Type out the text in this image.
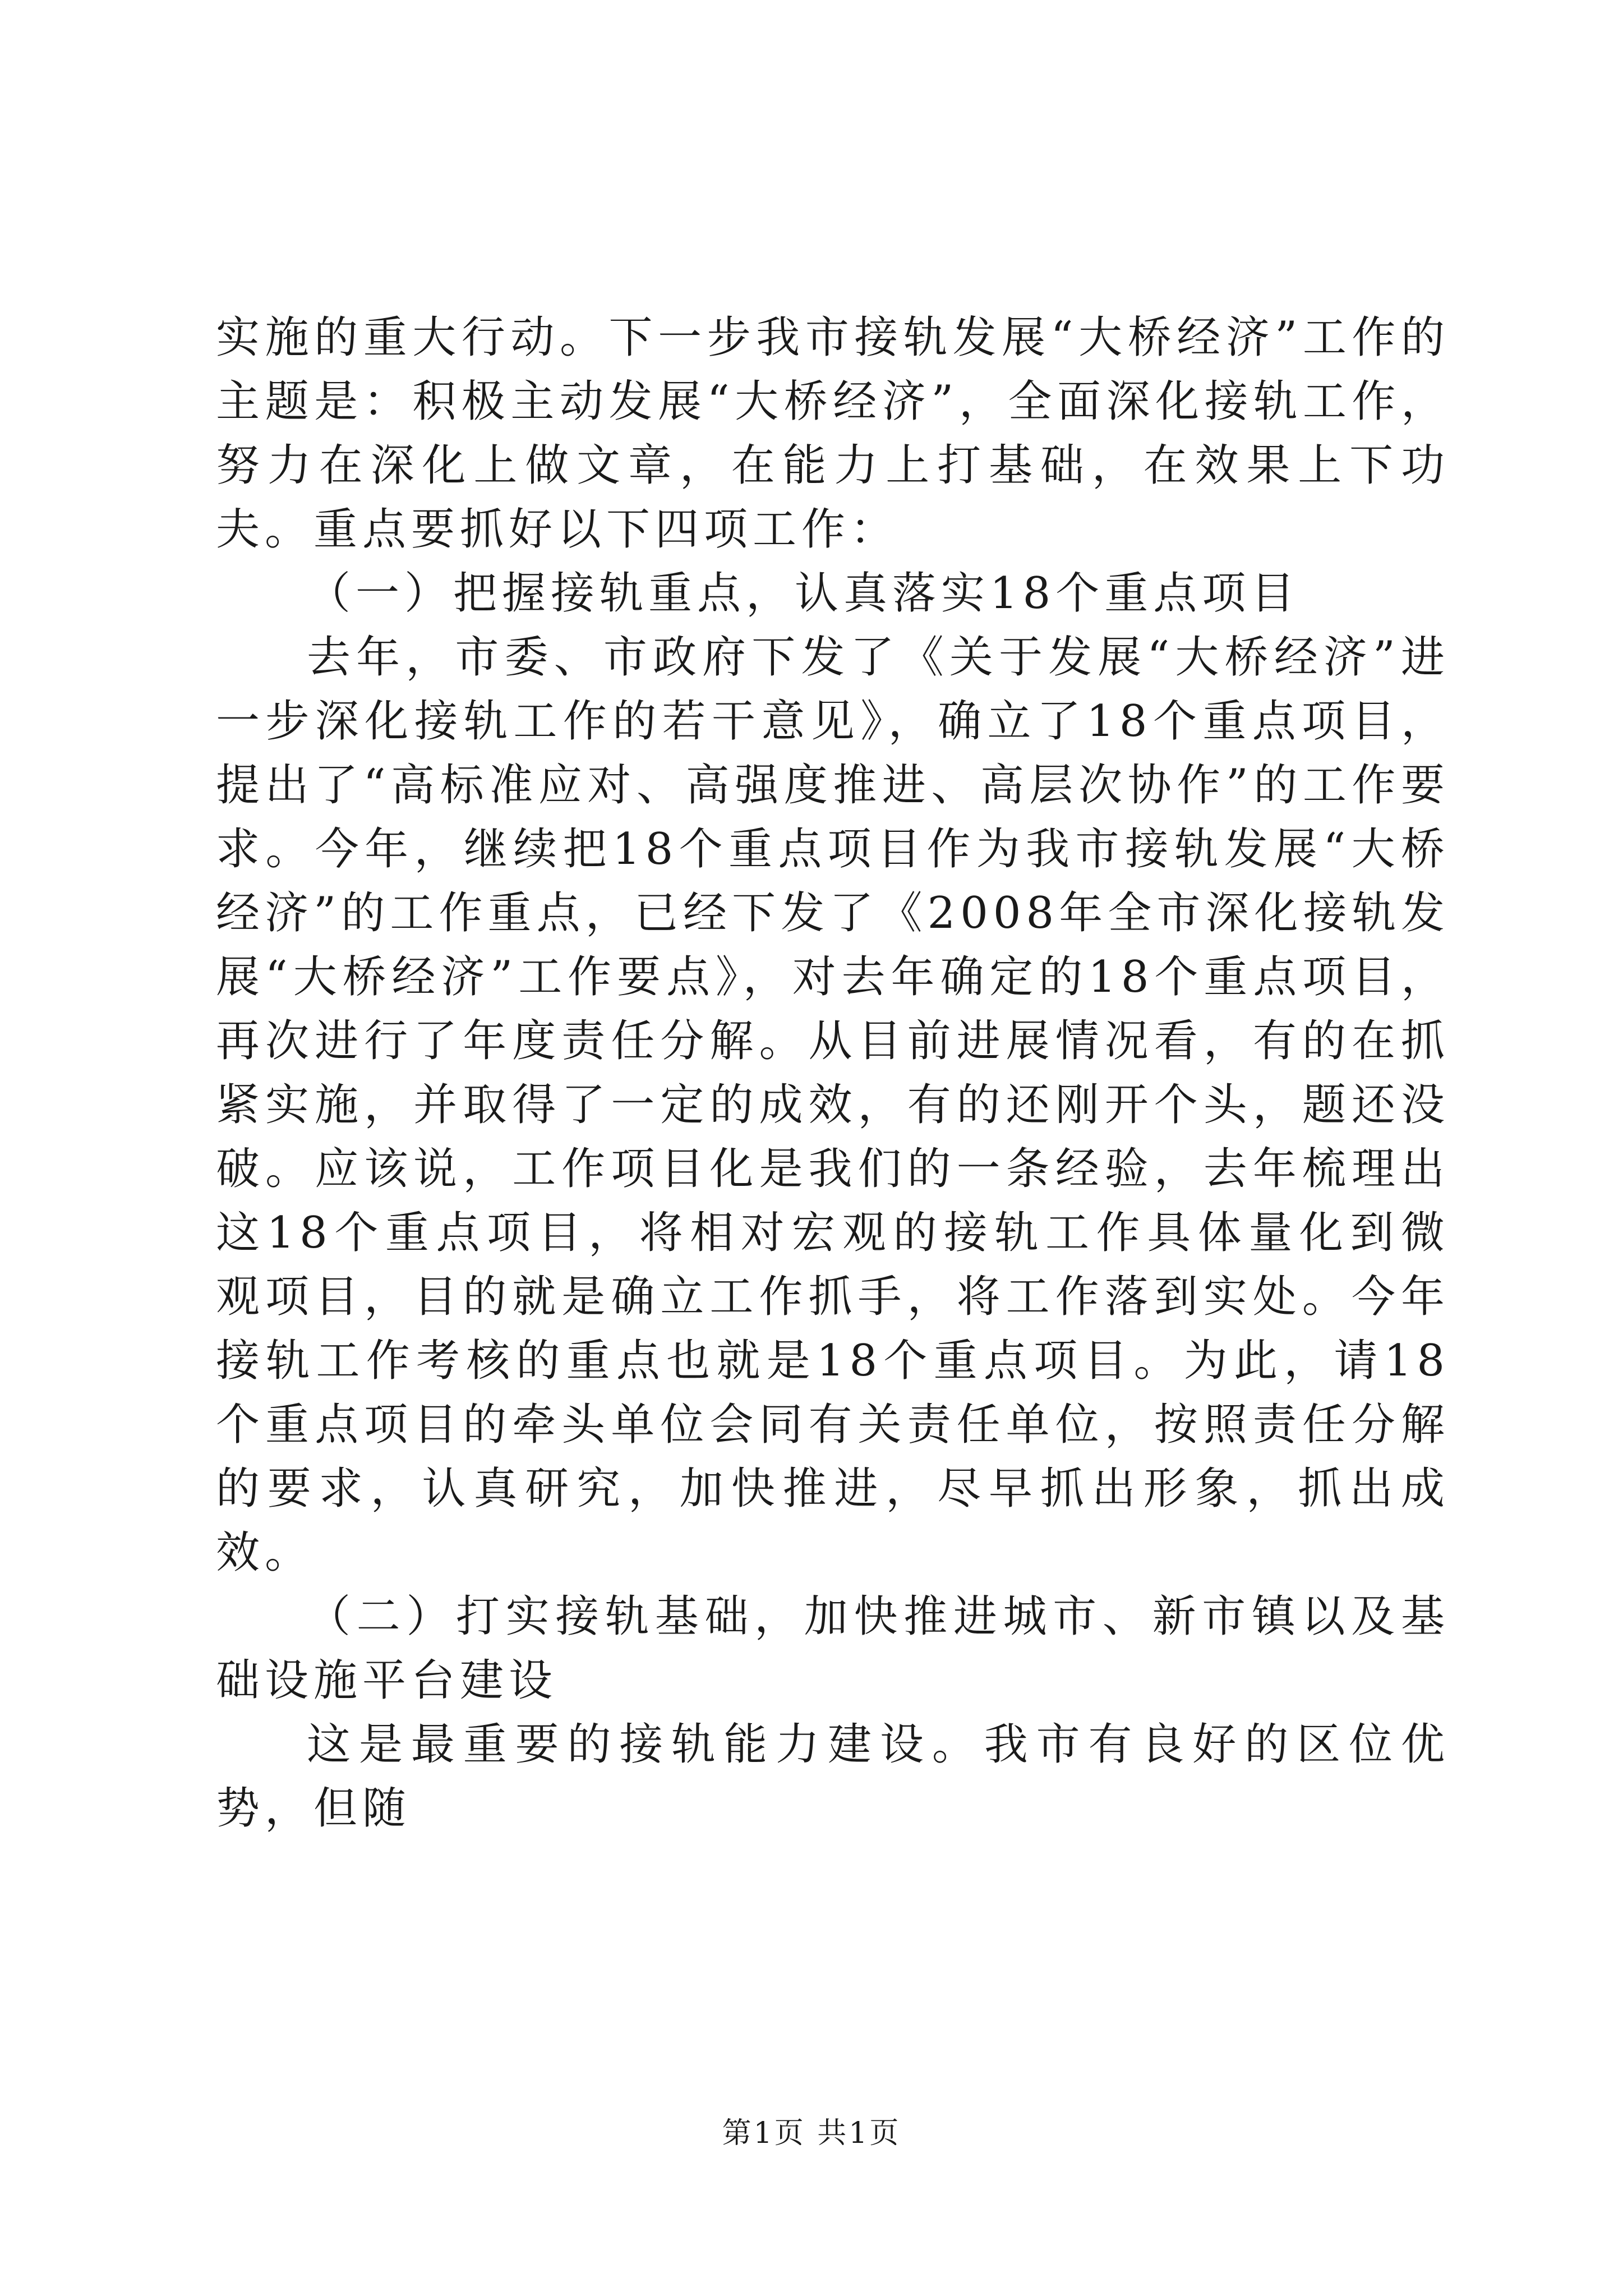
实施的重大行动。下一步我市接轨发展“大桥经济”工作的主题是：积极主动发展“大桥经济”，全面深化接轨工作，努力在深化上做文章，在能力上打基础，在效果上下功夫。重点要抓好以下四项工作：

（一）把握接轨重点，认真落实18个重点项目

去年，市委、市政府下发了《关于发展“大桥经济”进一步深化接轨工作的若干意见》，确立了18个重点项目，提出了“高标准应对、高强度推进、高层次协作”的工作要求。今年，继续把18个重点项目作为我市接轨发展“大桥经济”的工作重点，已经下发了《2008年全市深化接轨发展“大桥经济”工作要点》，对去年确定的18个重点项目，再次进行了年度责任分解。从目前进展情况看，有的在抓紧实施，并取得了一定的成效，有的还刚开个头，题还没破。应该说，工作项目化是我们的一条经验，去年梳理出这18个重点项目，将相对宏观的接轨工作具体量化到微观项目，目的就是确立工作抓手，将工作落到实处。今年接轨工作考核的重点也就是18个重点项目。为此，请18个重点项目的牵头单位会同有关责任单位，按照责任分解的要求，认真研究，加快推进，尽早抓出形象，抓出成效。

（二）打实接轨基础，加快推进城市、新市镇以及基础设施平台建设

这是最重要的接轨能力建设。我市有良好的区位优势，但随

第1页 共1页
